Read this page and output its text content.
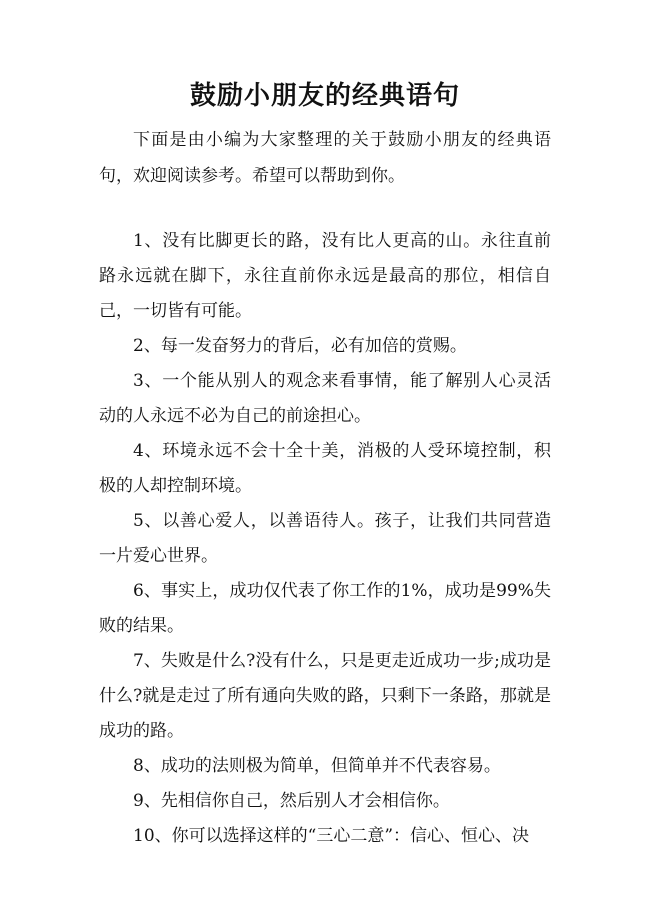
鼓励小朋友的经典语句

下面是由小编为大家整理的关于鼓励小朋友的经典语句，欢迎阅读参考。希望可以帮助到你。

1、没有比脚更长的路，没有比人更高的山。永往直前路永远就在脚下，永往直前你永远是最高的那位，相信自己，一切皆有可能。

2、每一发奋努力的背后，必有加倍的赏赐。

3、一个能从别人的观念来看事情，能了解别人心灵活动的人永远不必为自己的前途担心。

4、环境永远不会十全十美，消极的人受环境控制，积极的人却控制环境。

5、以善心爱人，以善语待人。孩子，让我们共同营造一片爱心世界。

6、事实上，成功仅代表了你工作的1%，成功是99%失败的结果。

7、失败是什么?没有什么，只是更走近成功一步;成功是什么?就是走过了所有通向失败的路，只剩下一条路，那就是成功的路。

8、成功的法则极为简单，但简单并不代表容易。

9、先相信你自己，然后别人才会相信你。

10、你可以选择这样的“三心二意”：信心、恒心、决
